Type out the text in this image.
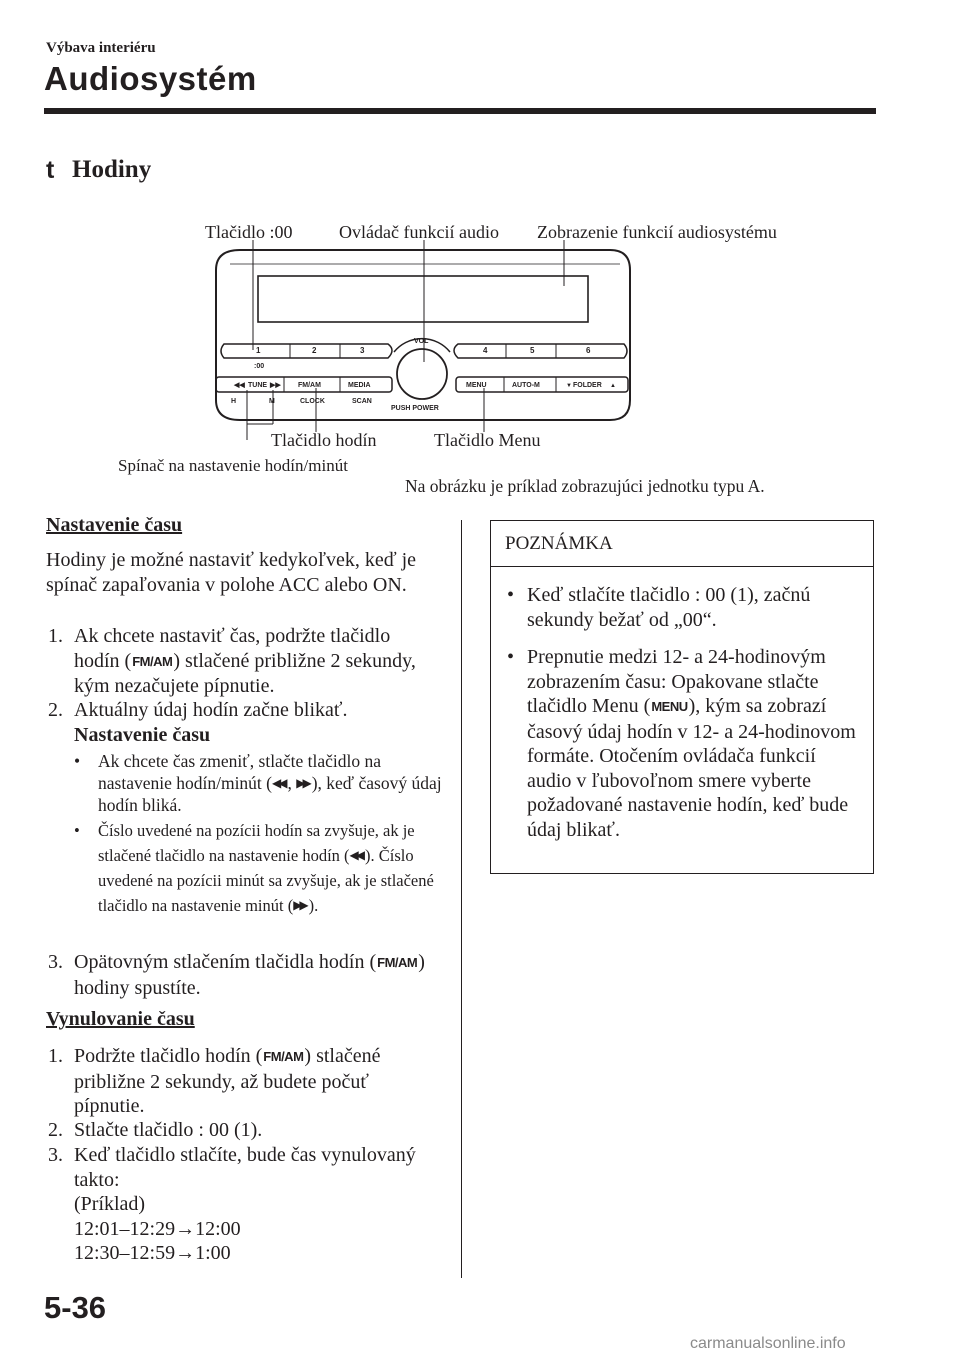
Výbava interiéru
Audiosystém
t Hodiny
Tlačidlo :00	Ovládač funkcií audio Zobrazenie funkcií audiosystému
Tlačidlo hodín	Tlačidlo Menu
Spínač na nastavenie hodín/minút
Na obrázku je príklad zobrazujúci jednotku typu A.
1	2	3	4	5	6
:00
VOL
◀◀ TUNE ▶▶ FM/AM	MEDIA	MENU	AUTO-M	▼ FOLDER ▲
H	M	CLOCK	SCAN
PUSH POWER
Nastavenie času
Hodiny je možné nastaviť kedykoľvek, keď je spínač zapaľovania v polohe ACC alebo ON.
1. Ak chcete nastaviť čas, podržte tlačidlo hodín (FM/AM) stlačené približne 2 sekundy, kým nezačujete pípnutie.
2. Aktuálny údaj hodín začne blikať.
Nastavenie času
• Ak chcete čas zmeniť, stlačte tlačidlo na nastavenie hodín/minút (◀◀ , ▶▶ ), keď časový údaj hodín bliká.
• Číslo uvedené na pozícii hodín sa zvyšuje, ak je stlačené tlačidlo na nastavenie hodín (◀◀ ). Číslo uvedené na pozícii minút sa zvyšuje, ak je stlačené tlačidlo na nastavenie minút (▶▶ ).
3. Opätovným stlačením tlačidla hodín (FM/AM) hodiny spustíte.
Vynulovanie času
1. Podržte tlačidlo hodín (FM/AM) stlačené približne 2 sekundy, až budete počuť pípnutie.
2. Stlačte tlačidlo : 00 (1).
3. Keď tlačidlo stlačíte, bude čas vynulovaný takto:
(Príklad)
12:01–12:29→12:00
12:30–12:59→1:00
POZNÁMKA
• Keď stlačíte tlačidlo : 00 (1), začnú sekundy bežať od „00“.
• Prepnutie medzi 12- a 24-hodinovým zobrazením času: Opakovane stlačte tlačidlo Menu (MENU), kým sa zobrazí časový údaj hodín v 12- a 24-hodinovom formáte. Otočením ovládača funkcií audio v ľubovoľnom smere vyberte požadované nastavenie hodín, keď bude údaj blikať.
5-36
carmanualsonline.info
